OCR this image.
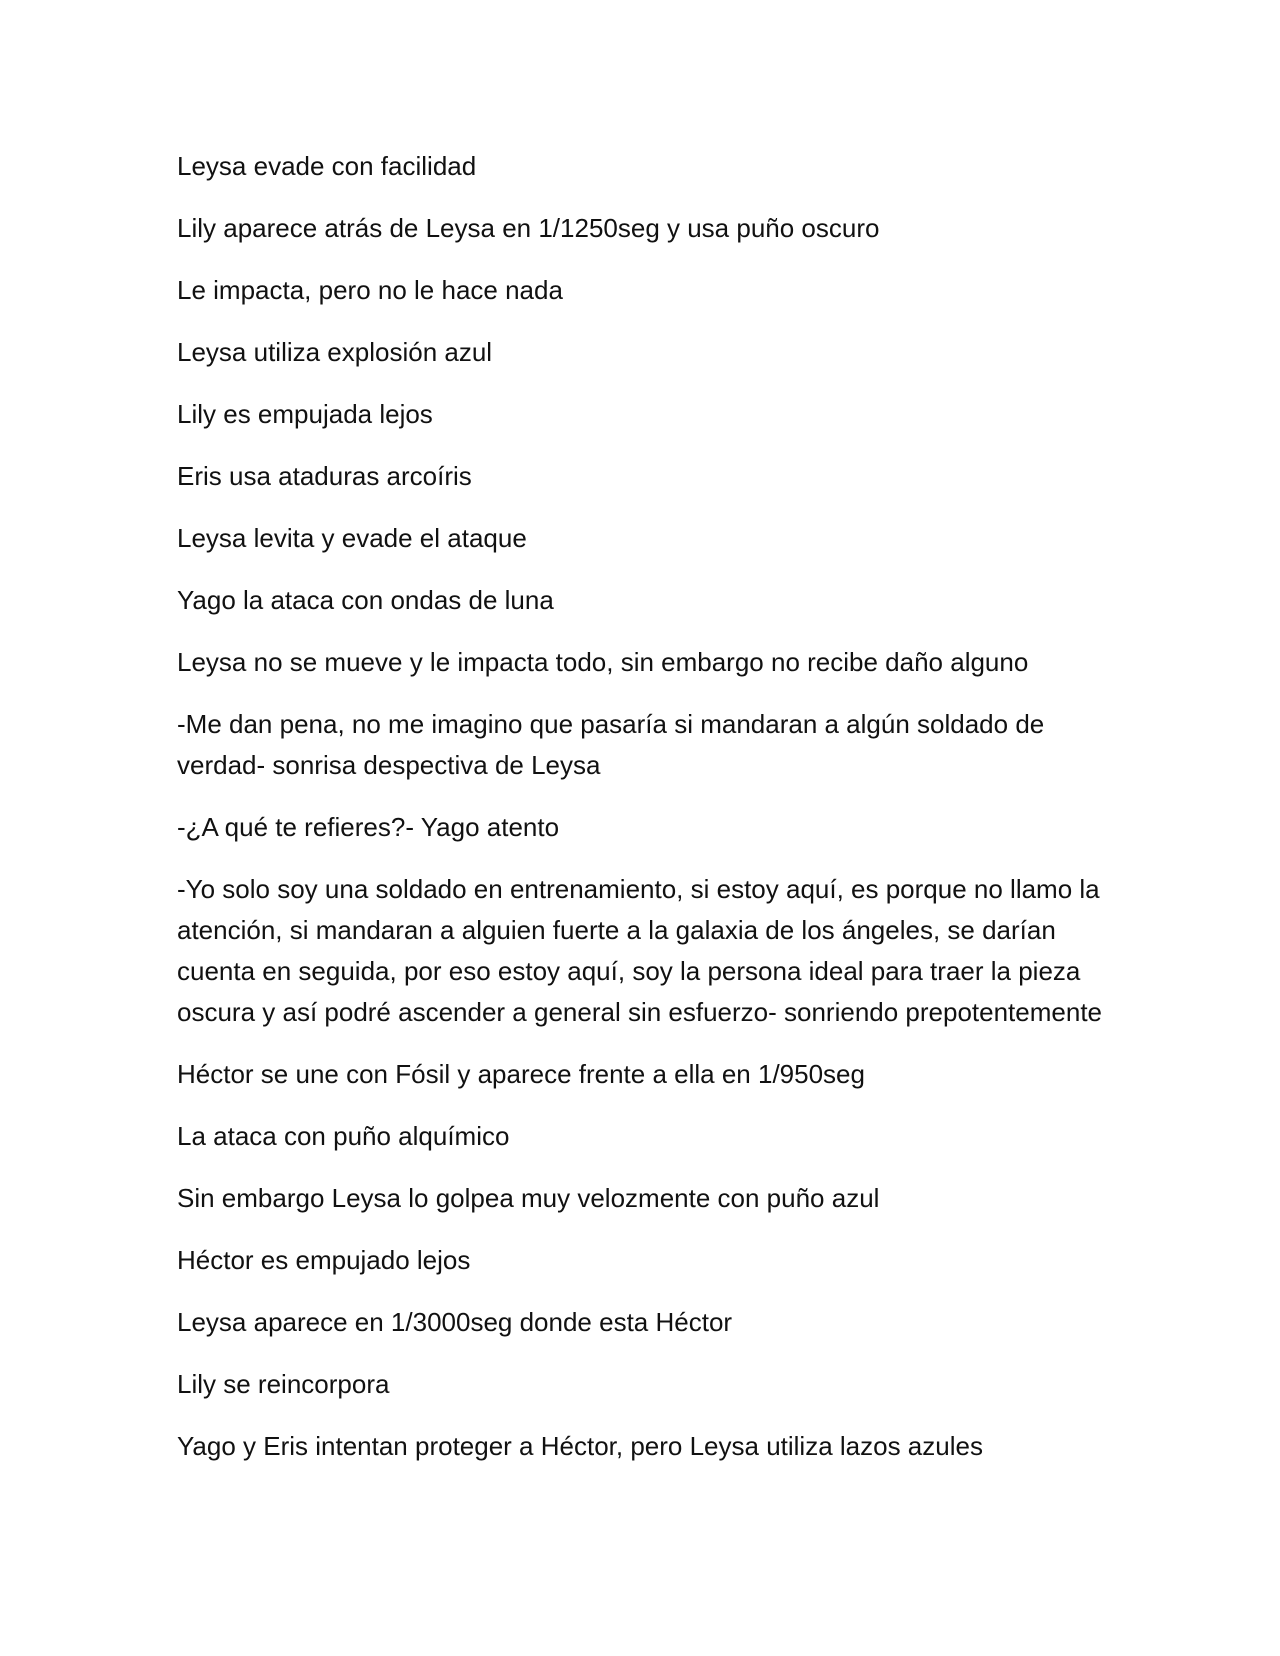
Leysa evade con facilidad

Lily aparece atrás de Leysa en 1/1250seg y usa puño oscuro

Le impacta, pero no le hace nada

Leysa utiliza explosión azul

Lily es empujada lejos

Eris usa ataduras arcoíris

Leysa levita y evade el ataque

Yago la ataca con ondas de luna

Leysa no se mueve y le impacta todo, sin embargo no recibe daño alguno

-Me dan pena, no me imagino que pasaría si mandaran a algún soldado de verdad- sonrisa despectiva de Leysa

-¿A qué te refieres?- Yago atento

-Yo solo soy una soldado en entrenamiento, si estoy aquí, es porque no llamo la atención, si mandaran a alguien fuerte a la galaxia de los ángeles, se darían cuenta en seguida, por eso estoy aquí, soy la persona ideal para traer la pieza oscura y así podré ascender a general sin esfuerzo- sonriendo prepotentemente

Héctor se une con Fósil y aparece frente a ella en 1/950seg

La ataca con puño alquímico

Sin embargo Leysa lo golpea muy velozmente con puño azul

Héctor es empujado lejos

Leysa aparece en 1/3000seg donde esta Héctor

Lily se reincorpora

Yago y Eris intentan proteger a Héctor, pero Leysa utiliza lazos azules
